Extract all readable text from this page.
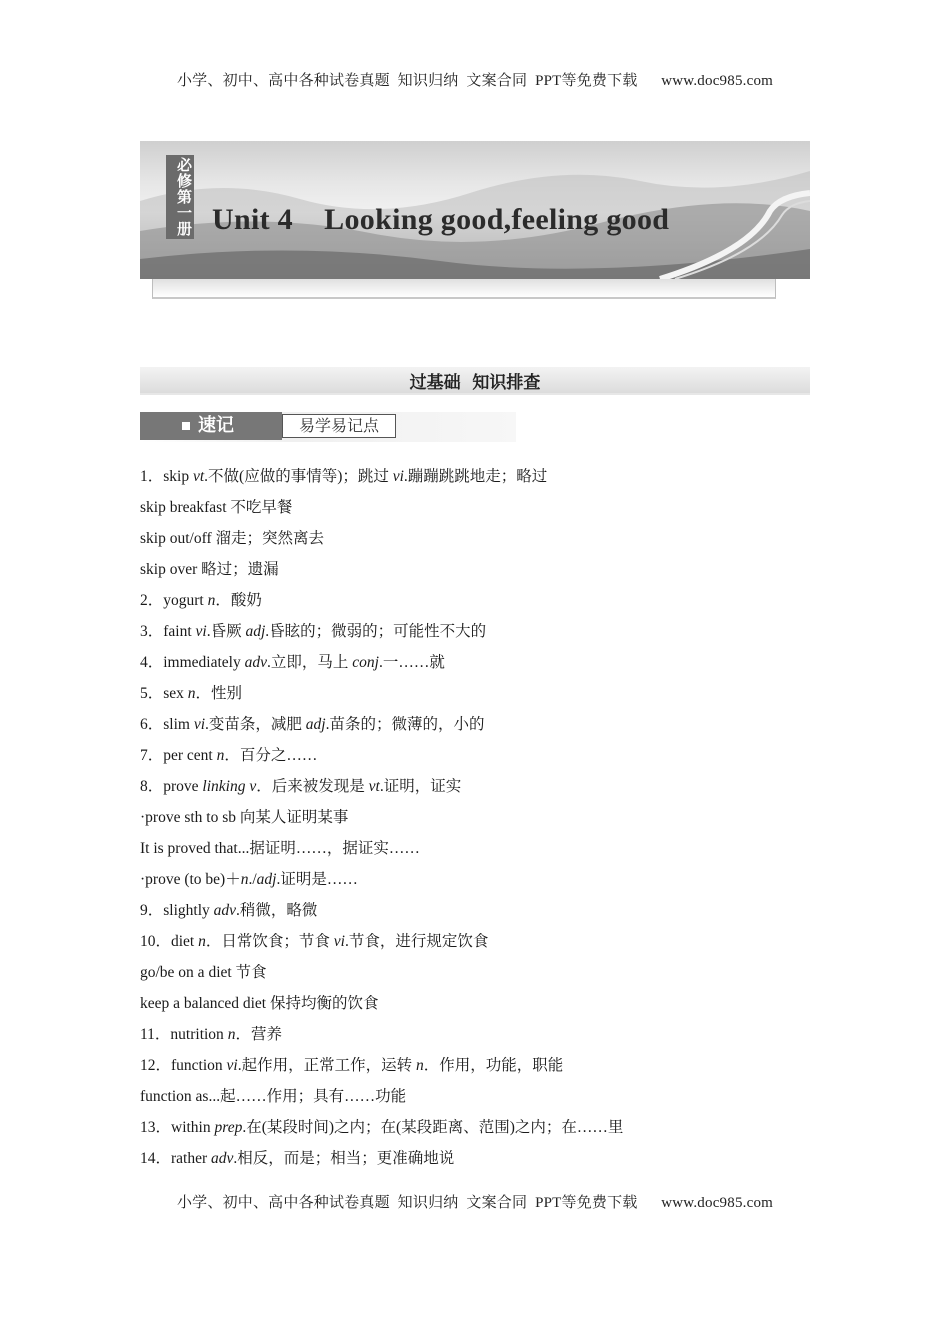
小学、初中、高中各种试卷真题  知识归纳  文案合同  PPT等免费下载      www.doc985.com
必修第一册 Unit 4    Looking good,feeling good
过基础  知识排查
速记	易学易记点
1．skip vt.不做(应做的事情等)；跳过 vi.蹦蹦跳跳地走；略过
skip breakfast 不吃早餐
skip out/off 溜走；突然离去
skip over 略过；遗漏
2．yogurt n．酸奶
3．faint vi.昏厥 adj.昏眩的；微弱的；可能性不大的
4．immediately adv.立即，马上 conj.一……就
5．sex n．性别
6．slim vi.变苗条，减肥 adj.苗条的；微薄的，小的
7．per cent n．百分之……
8．prove linking v．后来被发现是 vt.证明，证实
·prove sth to sb 向某人证明某事
It is proved that...据证明……，据证实……
·prove (to be)＋n./adj.证明是……
9．slightly adv.稍微，略微
10．diet n．日常饮食；节食 vi.节食，进行规定饮食
go/be on a diet 节食
keep a balanced diet 保持均衡的饮食
11．nutrition n．营养
12．function vi.起作用，正常工作，运转 n．作用，功能，职能
function as...起……作用；具有……功能
13．within prep.在(某段时间)之内；在(某段距离、范围)之内；在……里
14．rather adv.相反，而是；相当；更准确地说
小学、初中、高中各种试卷真题  知识归纳  文案合同  PPT等免费下载      www.doc985.com
